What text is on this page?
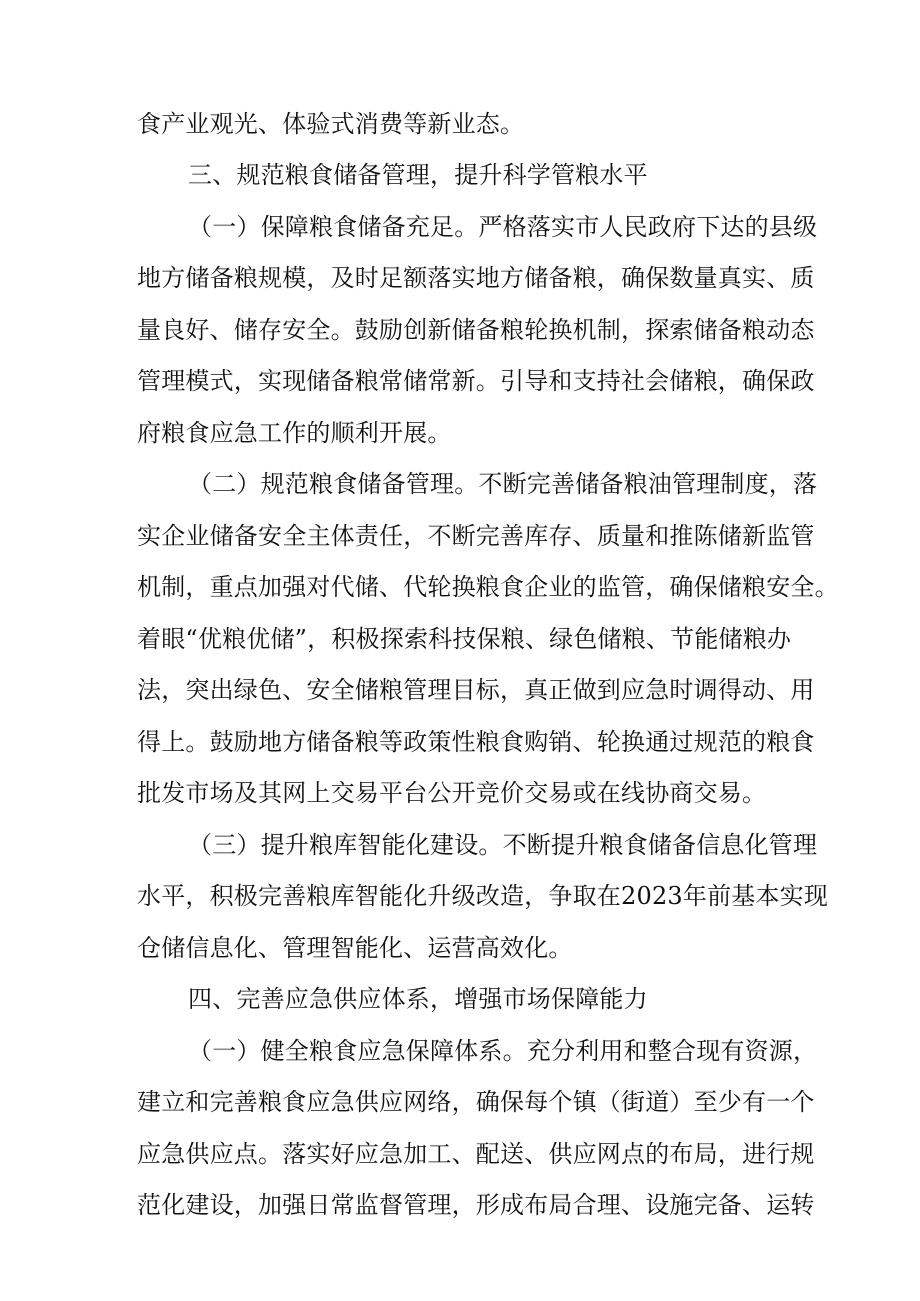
食产业观光、体验式消费等新业态。
三、规范粮食储备管理，提升科学管粮水平
（一）保障粮食储备充足。严格落实市人民政府下达的县级
地方储备粮规模，及时足额落实地方储备粮，确保数量真实、质
量良好、储存安全。鼓励创新储备粮轮换机制，探索储备粮动态
管理模式，实现储备粮常储常新。引导和支持社会储粮，确保政
府粮食应急工作的顺利开展。
（二）规范粮食储备管理。不断完善储备粮油管理制度，落
实企业储备安全主体责任，不断完善库存、质量和推陈储新监管
机制，重点加强对代储、代轮换粮食企业的监管，确保储粮安全。
着眼“优粮优储”，积极探索科技保粮、绿色储粮、节能储粮办
法，突出绿色、安全储粮管理目标，真正做到应急时调得动、用
得上。鼓励地方储备粮等政策性粮食购销、轮换通过规范的粮食
批发市场及其网上交易平台公开竞价交易或在线协商交易。
（三）提升粮库智能化建设。不断提升粮食储备信息化管理
水平，积极完善粮库智能化升级改造，争取在2023年前基本实现
仓储信息化、管理智能化、运营高效化。
四、完善应急供应体系，增强市场保障能力
（一）健全粮食应急保障体系。充分利用和整合现有资源，
建立和完善粮食应急供应网络，确保每个镇（街道）至少有一个
应急供应点。落实好应急加工、配送、供应网点的布局，进行规
范化建设，加强日常监督管理，形成布局合理、设施完备、运转
